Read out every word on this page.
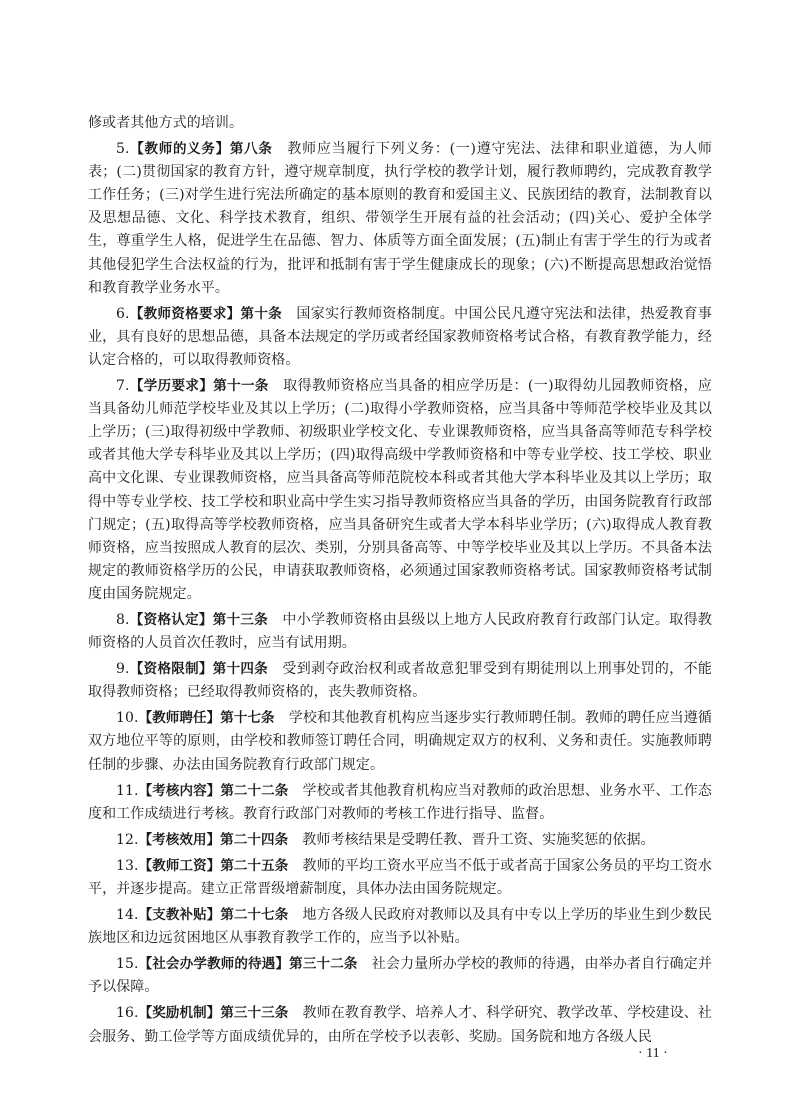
修或者其他方式的培训。

5.【教师的义务】第八条　教师应当履行下列义务：(一)遵守宪法、法律和职业道德，为人师表；(二)贯彻国家的教育方针，遵守规章制度，执行学校的教学计划，履行教师聘约，完成教育教学工作任务；(三)对学生进行宪法所确定的基本原则的教育和爱国主义、民族团结的教育，法制教育以及思想品德、文化、科学技术教育，组织、带领学生开展有益的社会活动；(四)关心、爱护全体学生，尊重学生人格，促进学生在品德、智力、体质等方面全面发展；(五)制止有害于学生的行为或者其他侵犯学生合法权益的行为，批评和抵制有害于学生健康成长的现象；(六)不断提高思想政治觉悟和教育教学业务水平。

6.【教师资格要求】第十条　国家实行教师资格制度。中国公民凡遵守宪法和法律，热爱教育事业，具有良好的思想品德，具备本法规定的学历或者经国家教师资格考试合格，有教育教学能力，经认定合格的，可以取得教师资格。

7.【学历要求】第十一条　取得教师资格应当具备的相应学历是：(一)取得幼儿园教师资格，应当具备幼儿师范学校毕业及其以上学历；(二)取得小学教师资格，应当具备中等师范学校毕业及其以上学历；(三)取得初级中学教师、初级职业学校文化、专业课教师资格，应当具备高等师范专科学校或者其他大学专科毕业及其以上学历；(四)取得高级中学教师资格和中等专业学校、技工学校、职业高中文化课、专业课教师资格，应当具备高等师范院校本科或者其他大学本科毕业及其以上学历；取得中等专业学校、技工学校和职业高中学生实习指导教师资格应当具备的学历，由国务院教育行政部门规定；(五)取得高等学校教师资格，应当具备研究生或者大学本科毕业学历；(六)取得成人教育教师资格，应当按照成人教育的层次、类别，分别具备高等、中等学校毕业及其以上学历。不具备本法规定的教师资格学历的公民，申请获取教师资格，必须通过国家教师资格考试。国家教师资格考试制度由国务院规定。

8.【资格认定】第十三条　中小学教师资格由县级以上地方人民政府教育行政部门认定。取得教师资格的人员首次任教时，应当有试用期。

9.【资格限制】第十四条　受到剥夺政治权利或者故意犯罪受到有期徒刑以上刑事处罚的，不能取得教师资格；已经取得教师资格的，丧失教师资格。

10.【教师聘任】第十七条　学校和其他教育机构应当逐步实行教师聘任制。教师的聘任应当遵循双方地位平等的原则，由学校和教师签订聘任合同，明确规定双方的权利、义务和责任。实施教师聘任制的步骤、办法由国务院教育行政部门规定。

11.【考核内容】第二十二条　学校或者其他教育机构应当对教师的政治思想、业务水平、工作态度和工作成绩进行考核。教育行政部门对教师的考核工作进行指导、监督。

12.【考核效用】第二十四条　教师考核结果是受聘任教、晋升工资、实施奖惩的依据。

13.【教师工资】第二十五条　教师的平均工资水平应当不低于或者高于国家公务员的平均工资水平，并逐步提高。建立正常晋级增薪制度，具体办法由国务院规定。

14.【支教补贴】第二十七条　地方各级人民政府对教师以及具有中专以上学历的毕业生到少数民族地区和边远贫困地区从事教育教学工作的，应当予以补贴。

15.【社会办学教师的待遇】第三十二条　社会力量所办学校的教师的待遇，由举办者自行确定并予以保障。

16.【奖励机制】第三十三条　教师在教育教学、培养人才、科学研究、教学改革、学校建设、社会服务、勤工俭学等方面成绩优异的，由所在学校予以表彰、奖励。国务院和地方各级人民

· 11 ·
